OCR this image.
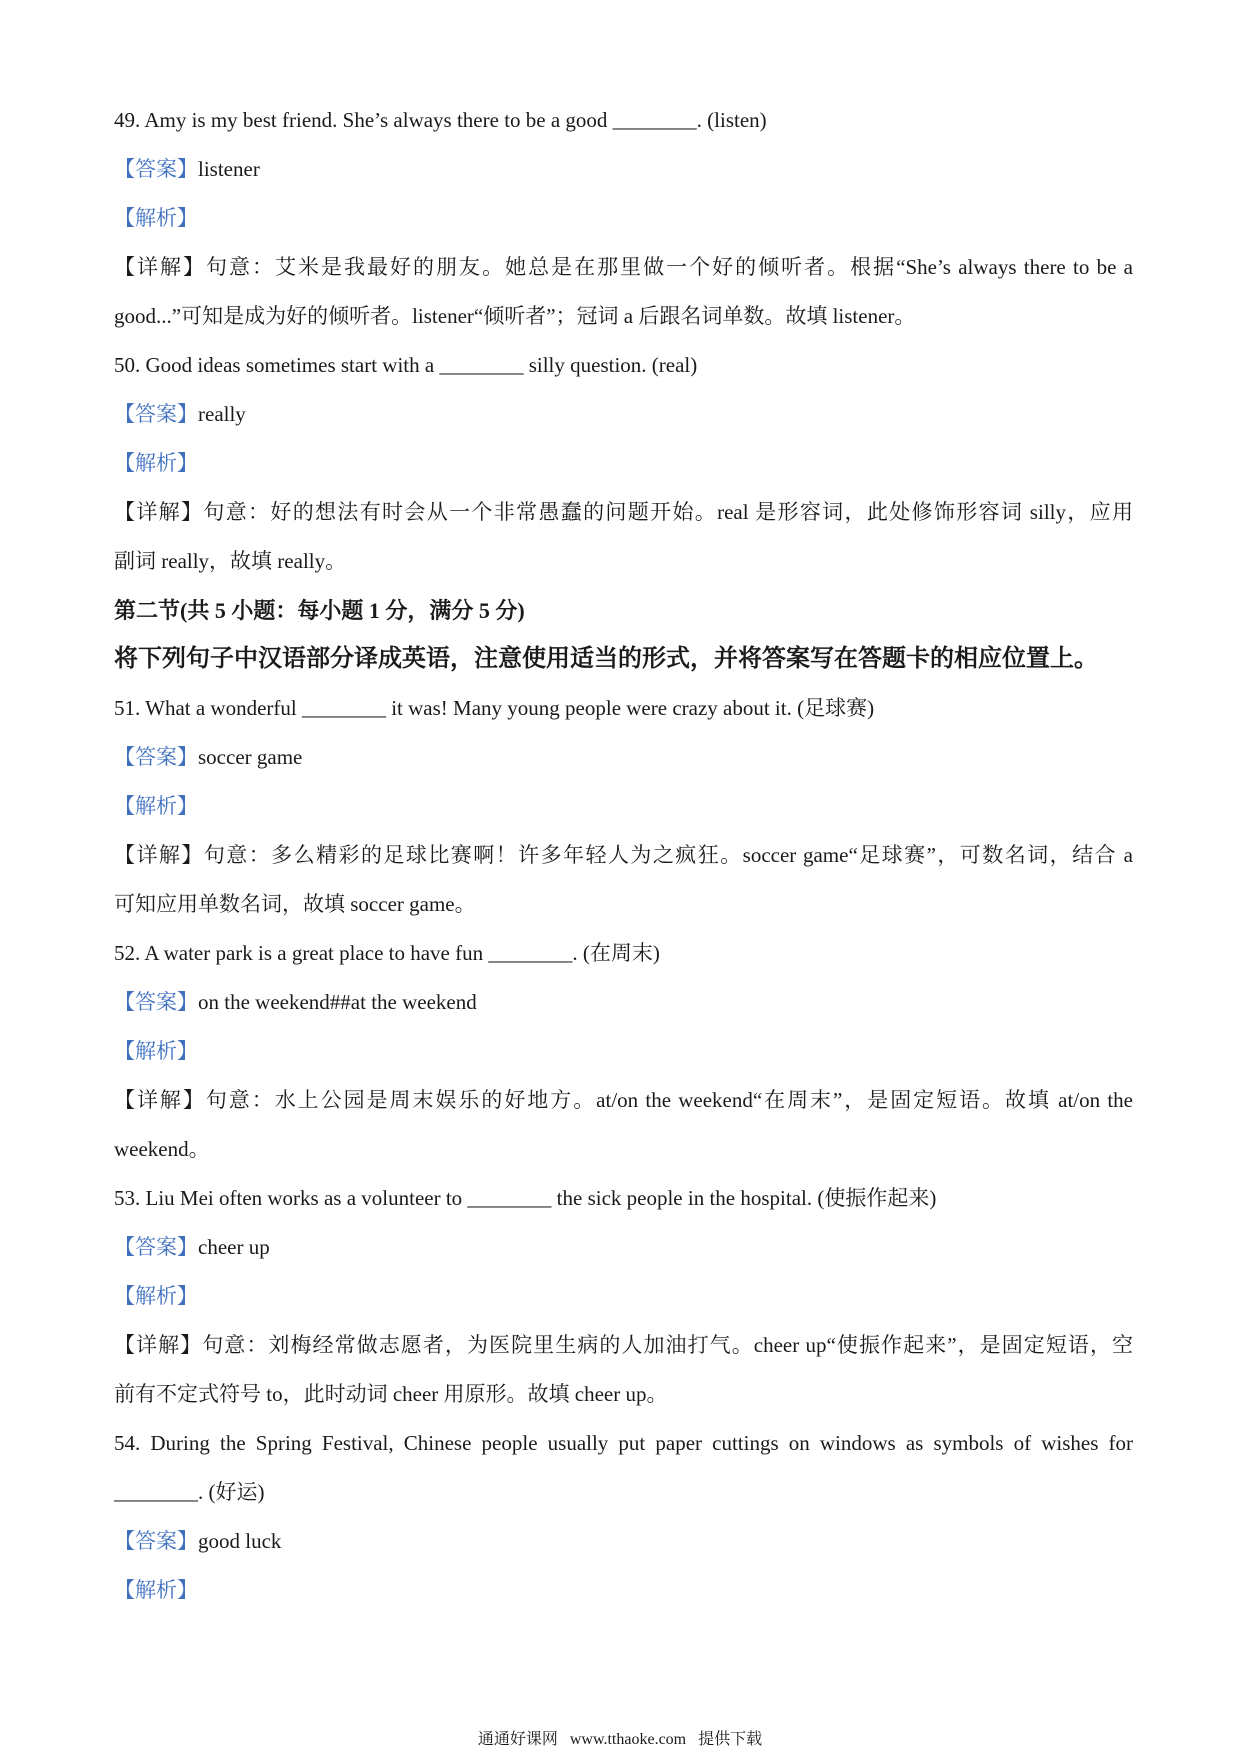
49. Amy is my best friend. She’s always there to be a good ________. (listen)
【答案】listener
【解析】
【详解】句意：艾米是我最好的朋友。她总是在那里做一个好的倾听者。根据“She’s always there to be a
good...”可知是成为好的倾听者。listener“倾听者”；冠词 a 后跟名词单数。故填 listener。
50. Good ideas sometimes start with a ________ silly question. (real)
【答案】really
【解析】
【详解】句意：好的想法有时会从一个非常愚蠢的问题开始。real 是形容词，此处修饰形容词 silly，应用
副词 really，故填 really。
第二节(共 5 小题：每小题 1 分，满分 5 分)
将下列句子中汉语部分译成英语，注意使用适当的形式，并将答案写在答题卡的相应位置上。
51. What a wonderful ________ it was! Many young people were crazy about it. (足球赛)
【答案】soccer game
【解析】
【详解】句意：多么精彩的足球比赛啊！许多年轻人为之疯狂。soccer game“足球赛”，可数名词，结合 a
可知应用单数名词，故填 soccer game。
52. A water park is a great place to have fun ________. (在周末)
【答案】on the weekend##at the weekend
【解析】
【详解】句意：水上公园是周末娱乐的好地方。at/on the weekend“在周末”，是固定短语。故填 at/on the
weekend。
53. Liu Mei often works as a volunteer to ________ the sick people in the hospital. (使振作起来)
【答案】cheer up
【解析】
【详解】句意：刘梅经常做志愿者，为医院里生病的人加油打气。cheer up“使振作起来”，是固定短语，空
前有不定式符号 to，此时动词 cheer 用原形。故填 cheer up。
54. During the Spring Festival, Chinese people usually put paper cuttings on windows as symbols of wishes for
________. (好运)
【答案】good luck
【解析】
通通好课网 www.tthaoke.com 提供下载
